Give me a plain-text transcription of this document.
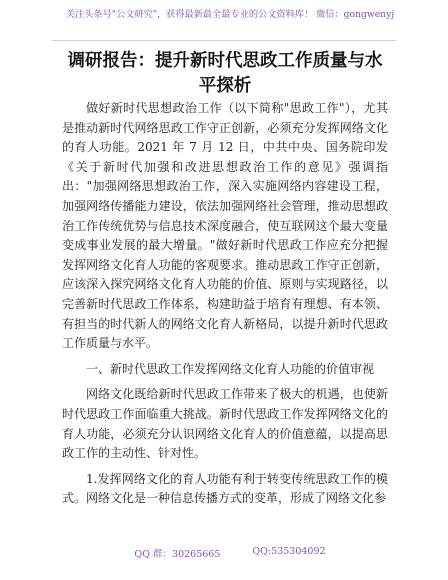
关注头条号"公文研究"，获得最新最全最专业的公文资料库！ 微信：gongwenyj
调研报告：提升新时代思政工作质量与水平探析

做好新时代思想政治工作（以下简称"思政工作"），尤其是推动新时代网络思政工作守正创新，必须充分发挥网络文化的育人功能。2021 年 7 月 12 日，中共中央、国务院印发《关于新时代加强和改进思想政治工作的意见》强调指出："加强网络思想政治工作，深入实施网络内容建设工程，加强网络传播能力建设，依法加强网络社会管理，推动思想政治工作传统优势与信息技术深度融合，使互联网这个最大变量变成事业发展的最大增量。"做好新时代思政工作应充分把握发挥网络文化育人功能的客观要求。推动思政工作守正创新，应该深入探究网络文化育人功能的价值、原则与实现路径，以完善新时代思政工作体系，构建助益于培育有理想、有本领、有担当的时代新人的网络文化育人新格局，以提升新时代思政工作质量与水平。

一、新时代思政工作发挥网络文化育人功能的价值审视

网络文化既给新时代思政工作带来了极大的机遇，也使新时代思政工作面临重大挑战。新时代思政工作发挥网络文化的育人功能，必须充分认识网络文化育人的价值意蕴，以提高思政工作的主动性、针对性。

1.发挥网络文化的育人功能有利于转变传统思政工作的模式。网络文化是一种信息传播方式的变革，形成了网络文化参

QQ 群：30265665	QQ:535304092
